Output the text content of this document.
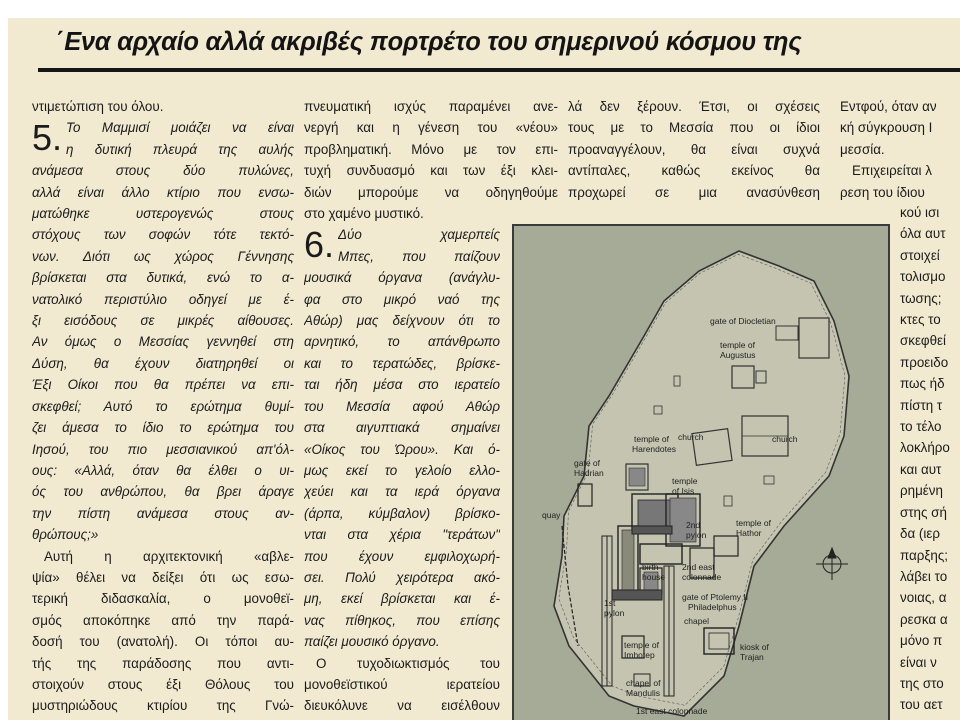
΄Ενα αρχαίο αλλά ακριβές πορτρέτο του σημερινού κόσμου της
ντιμετώπιση του όλου.
5. Το Μαμμισί μοιάζει να είναι
η δυτική πλευρά της αυλής
ανάμεσα στους δύο πυλώνες,
αλλά είναι άλλο κτίριο που ενσω-
ματώθηκε υστερογενώς στους
στόχους των σοφών τότε τεκτό-
νων. Διότι ως χώρος Γέννησης
βρίσκεται στα δυτικά, ενώ το α-
νατολικό περιστύλιο οδηγεί με έ-
ξι εισόδους σε μικρές αίθουσες.
Αν όμως ο Μεσσίας γεννηθεί στη
Δύση, θα έχουν διατηρηθεί οι
Έξι Οίκοι που θα πρέπει να επι-
σκεφθεί; Αυτό το ερώτημα θυμί-
ζει άμεσα το ίδιο το ερώτημα του
Ιησού, του πιο μεσσιανικού απ'όλ-
ους: «Αλλά, όταν θα έλθει ο υι-
ός του ανθρώπου, θα βρει άραγε
την πίστη ανάμεσα στους αν-
θρώπους;»
Αυτή η αρχιτεκτονική «αβλε-
ψία» θέλει να δείξει ότι ως εσω-
τερική διδασκαλία, ο μονοθεϊ-
σμός αποκόπηκε από την παρά-
δοσή του (ανατολή). Οι τόποι αυ-
τής της παράδοσης που αντι-
στοιχούν στους έξι Θόλους του
μυστηριώδους κτιρίου της Γνώ-
πνευματική ισχύς παραμένει ανε-
νεργή και η γένεση του «νέου»
προβληματική. Μόνο με τον επι-
τυχή συνδυασμό και των έξι κλει-
διών μπορούμε να οδηγηθούμε
στο χαμένο μυστικό.
6. Δύο χαμερπείς
Μπες, που παίζουν
μουσικά όργανα (ανάγλυ-
φα στο μικρό ναό της
Αθώρ) μας δείχνουν ότι το
αρνητικό, το απάνθρωπο
και το τερατώδες, βρίσκε-
ται ήδη μέσα στο ιερατείο
του Μεσσία αφού Αθώρ
στα αιγυπτιακά σημαίνει
«Οίκος του Ώρου». Και ό-
μως εκεί το γελοίο ελλο-
χεύει και τα ιερά όργανα
(άρπα, κύμβαλον) βρίσκο-
νται στα χέρια "τεράτων"
που έχουν εμφιλοχωρή-
σει. Πολύ χειρότερα ακό-
μη, εκεί βρίσκεται και έ-
νας πίθηκος, που επίσης
παίζει μουσικό όργανο.
Ο τυχοδιωκτισμός του
μονοθεϊστικού ιερατείου
διευκόλυνε να εισέλθουν
λά δεν ξέρουν. Έτσι, οι σχέσεις
τους με το Μεσσία που οι ίδιοι
προαναγγέλουν, θα είναι συχνά
αντίπαλες, καθώς εκείνος θα
προχωρεί σε μια ανασύνθεση
Εντφού, όταν αν
κή σύγκρουση Ι
μεσσία.
Επιχειρείται λ
ρεση του ίδιου
κού ισι
όλα αυτ
στοιχεί
τολισμο
τωσης;
κτες το
σκεφθεί
προειδο
πως ήδ
πίστη τ
το τέλο
λοκλήρο
και αυτ
ρημένη
στης σή
δα (ιερ
παρξης;
λάβει το
νοιας, α
ρεσκα α
μόνο π
είναι ν
της στο
του αετ
gate of Diocletian
temple of
Augustus
church	church
temple of
Harendotes
gate of
Hadrian
temple
of Isis
quay
2nd
pylon
temple of
Hathor
birth
house
2nd east
colonnade
gate of Ptolemy II
Philadelphus
1st
pylon
chapel
temple of
Imhotep
kiosk of
Trajan
chapel of
Mandulis
1st east colonnade
